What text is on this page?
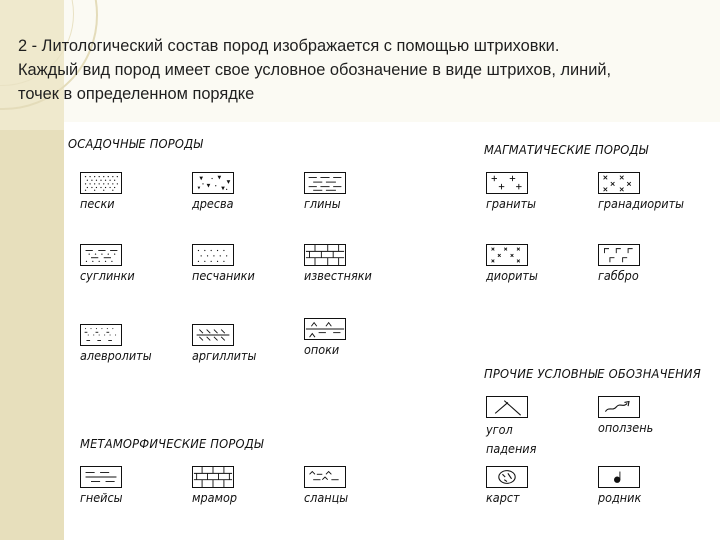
2 - Литологический состав пород изображается с помощью штриховки.

Каждый вид пород имеет свое условное обозначение в виде штрихов, линий,

точек в определенном порядке

ОСАДОЧНЫЕ ПОРОДЫ	МАГМАТИЧЕСКИЕ ПОРОДЫ
МЕТАМОРФИЧЕСКИЕ ПОРОДЫ
ПРОЧИЕ УСЛОВНЫЕ ОБОЗНАЧЕНИЯ
пески	дресва	глины
суглинки	песчаники	известняки
алевролиты	аргиллиты	опоки
граниты	гранадиориты
диориты	габбро
угол
падения
оползень
карст	родник
гнейсы	мрамор	сланцы
